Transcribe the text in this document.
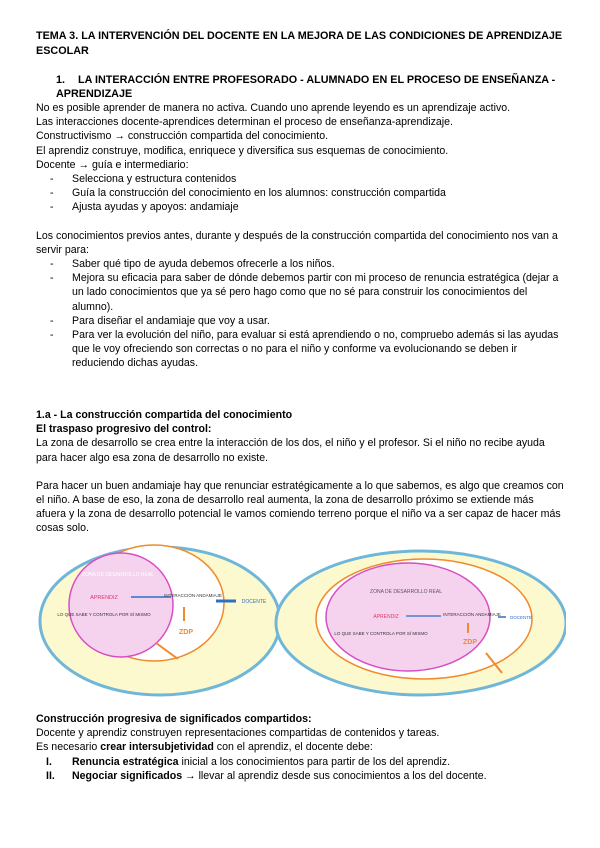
TEMA 3. LA INTERVENCIÓN DEL DOCENTE EN LA MEJORA DE LAS CONDICIONES DE APRENDIZAJE ESCOLAR
1. LA INTERACCIÓN ENTRE PROFESORADO - ALUMNADO EN EL PROCESO DE ENSEÑANZA - APRENDIZAJE

No es posible aprender de manera no activa. Cuando uno aprende leyendo es un aprendizaje activo.

Las interacciones docente-aprendices determinan el proceso de enseñanza-aprendizaje.

Constructivismo → construcción compartida del conocimiento.

El aprendiz construye, modifica, enriquece y diversifica sus esquemas de conocimiento.

Docente → guía e intermediario:

- Selecciona y estructura contenidos

- Guía la construcción del conocimiento en los alumnos: construcción compartida

- Ajusta ayudas y apoyos: andamiaje

Los conocimientos previos antes, durante y después de la construcción compartida del conocimiento nos van a servir para:

- Saber qué tipo de ayuda debemos ofrecerle a los niños.

- Mejora su eficacia para saber de dónde debemos partir con mi proceso de renuncia estratégica (dejar a un lado conocimientos que ya sé pero hago como que no sé para construir los conocimientos del alumno).

- Para diseñar el andamiaje que voy a usar.

- Para ver la evolución del niño, para evaluar si está aprendiendo o no, compruebo además si las ayudas que le voy ofreciendo son correctas o no para el niño y conforme va evolucionando se deben ir reduciendo dichas ayudas.

1.a - La construcción compartida del conocimiento

El traspaso progresivo del control:

La zona de desarrollo se crea entre la interacción de los dos, el niño y el profesor. Si el niño no recibe ayuda para hacer algo esa zona de desarrollo no existe.

Para hacer un buen andamiaje hay que renunciar estratégicamente a lo que sabemos, es algo que creamos con el niño. A base de eso, la zona de desarrollo real aumenta, la zona de desarrollo próximo se extiende más afuera y la zona de desarrollo potencial le vamos comiendo terreno porque el niño va a ser capaz de hacer más cosas solo.

ZONA DE DESARROLLO REAL
APRENDIZ
LO QUE SABE Y CONTROLA POR SÍ MISMO
INTERACCIÓN ANDAMIAJE
DOCENTE
ZDP
ZONA DE DESARROLLO REAL
APRENDIZ
LO QUE SABE Y CONTROLA POR SÍ MISMO
INTERACCIÓN ANDAMIAJE
DOCENTE
ZDP

Construcción progresiva de significados compartidos:

Docente y aprendiz construyen representaciones compartidas de contenidos y tareas.

Es necesario crear intersubjetividad con el aprendiz, el docente debe:

I. Renuncia estratégica inicial a los conocimientos para partir de los del aprendiz.

II. Negociar significados → llevar al aprendiz desde sus conocimientos a los del docente.
